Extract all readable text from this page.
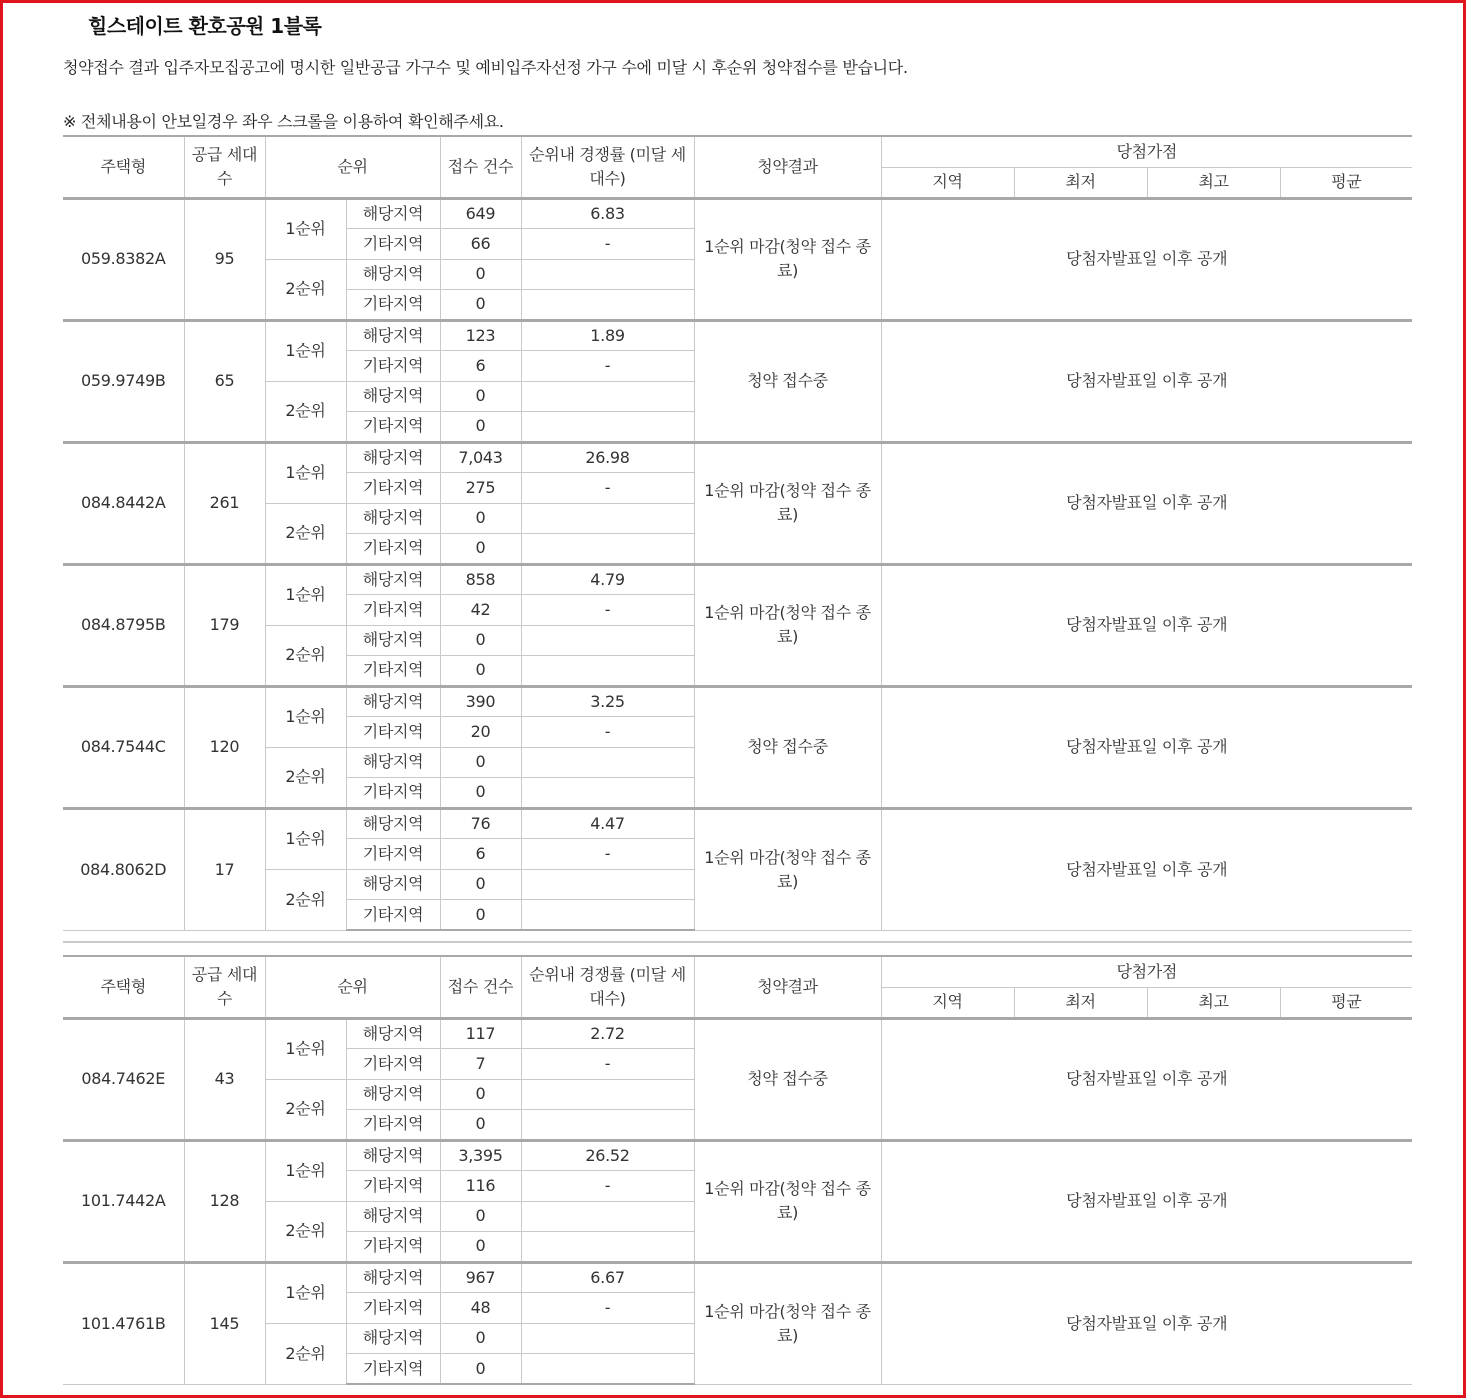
힐스테이트 환호공원 1블록
청약접수 결과 입주자모집공고에 명시한 일반공급 가구수 및 예비입주자선정 가구 수에 미달 시 후순위 청약접수를 받습니다.
※ 전체내용이 안보일경우 좌우 스크롤을 이용하여 확인해주세요.
주택형	공급 세대수	순위		접수 건수	순위내 경쟁률 (미달 세대수)	청약결과	당첨가점			
							지역	최저	최고	평균
059.8382A	95	1순위	해당지역	649	6.83	1순위 마감(청약 접수 종료)	당첨자발표일 이후 공개			
			기타지역	66	-					
		2순위	해당지역	0						
			기타지역	0						
059.9749B	65	1순위	해당지역	123	1.89	청약 접수중	당첨자발표일 이후 공개			
			기타지역	6	-					
		2순위	해당지역	0						
			기타지역	0						
084.8442A	261	1순위	해당지역	7,043	26.98	1순위 마감(청약 접수 종료)	당첨자발표일 이후 공개			
			기타지역	275	-					
		2순위	해당지역	0						
			기타지역	0						
084.8795B	179	1순위	해당지역	858	4.79	1순위 마감(청약 접수 종료)	당첨자발표일 이후 공개			
			기타지역	42	-					
		2순위	해당지역	0						
			기타지역	0						
084.7544C	120	1순위	해당지역	390	3.25	청약 접수중	당첨자발표일 이후 공개			
			기타지역	20	-					
		2순위	해당지역	0						
			기타지역	0						
084.8062D	17	1순위	해당지역	76	4.47	1순위 마감(청약 접수 종료)	당첨자발표일 이후 공개			
			기타지역	6	-					
		2순위	해당지역	0						
			기타지역	0						
주택형	공급 세대수	순위		접수 건수	순위내 경쟁률 (미달 세대수)	청약결과	당첨가점			
							지역	최저	최고	평균
084.7462E	43	1순위	해당지역	117	2.72	청약 접수중	당첨자발표일 이후 공개			
			기타지역	7	-					
		2순위	해당지역	0						
			기타지역	0						
101.7442A	128	1순위	해당지역	3,395	26.52	1순위 마감(청약 접수 종료)	당첨자발표일 이후 공개			
			기타지역	116	-					
		2순위	해당지역	0						
			기타지역	0						
101.4761B	145	1순위	해당지역	967	6.67	1순위 마감(청약 접수 종료)	당첨자발표일 이후 공개			
			기타지역	48	-					
		2순위	해당지역	0						
			기타지역	0						
